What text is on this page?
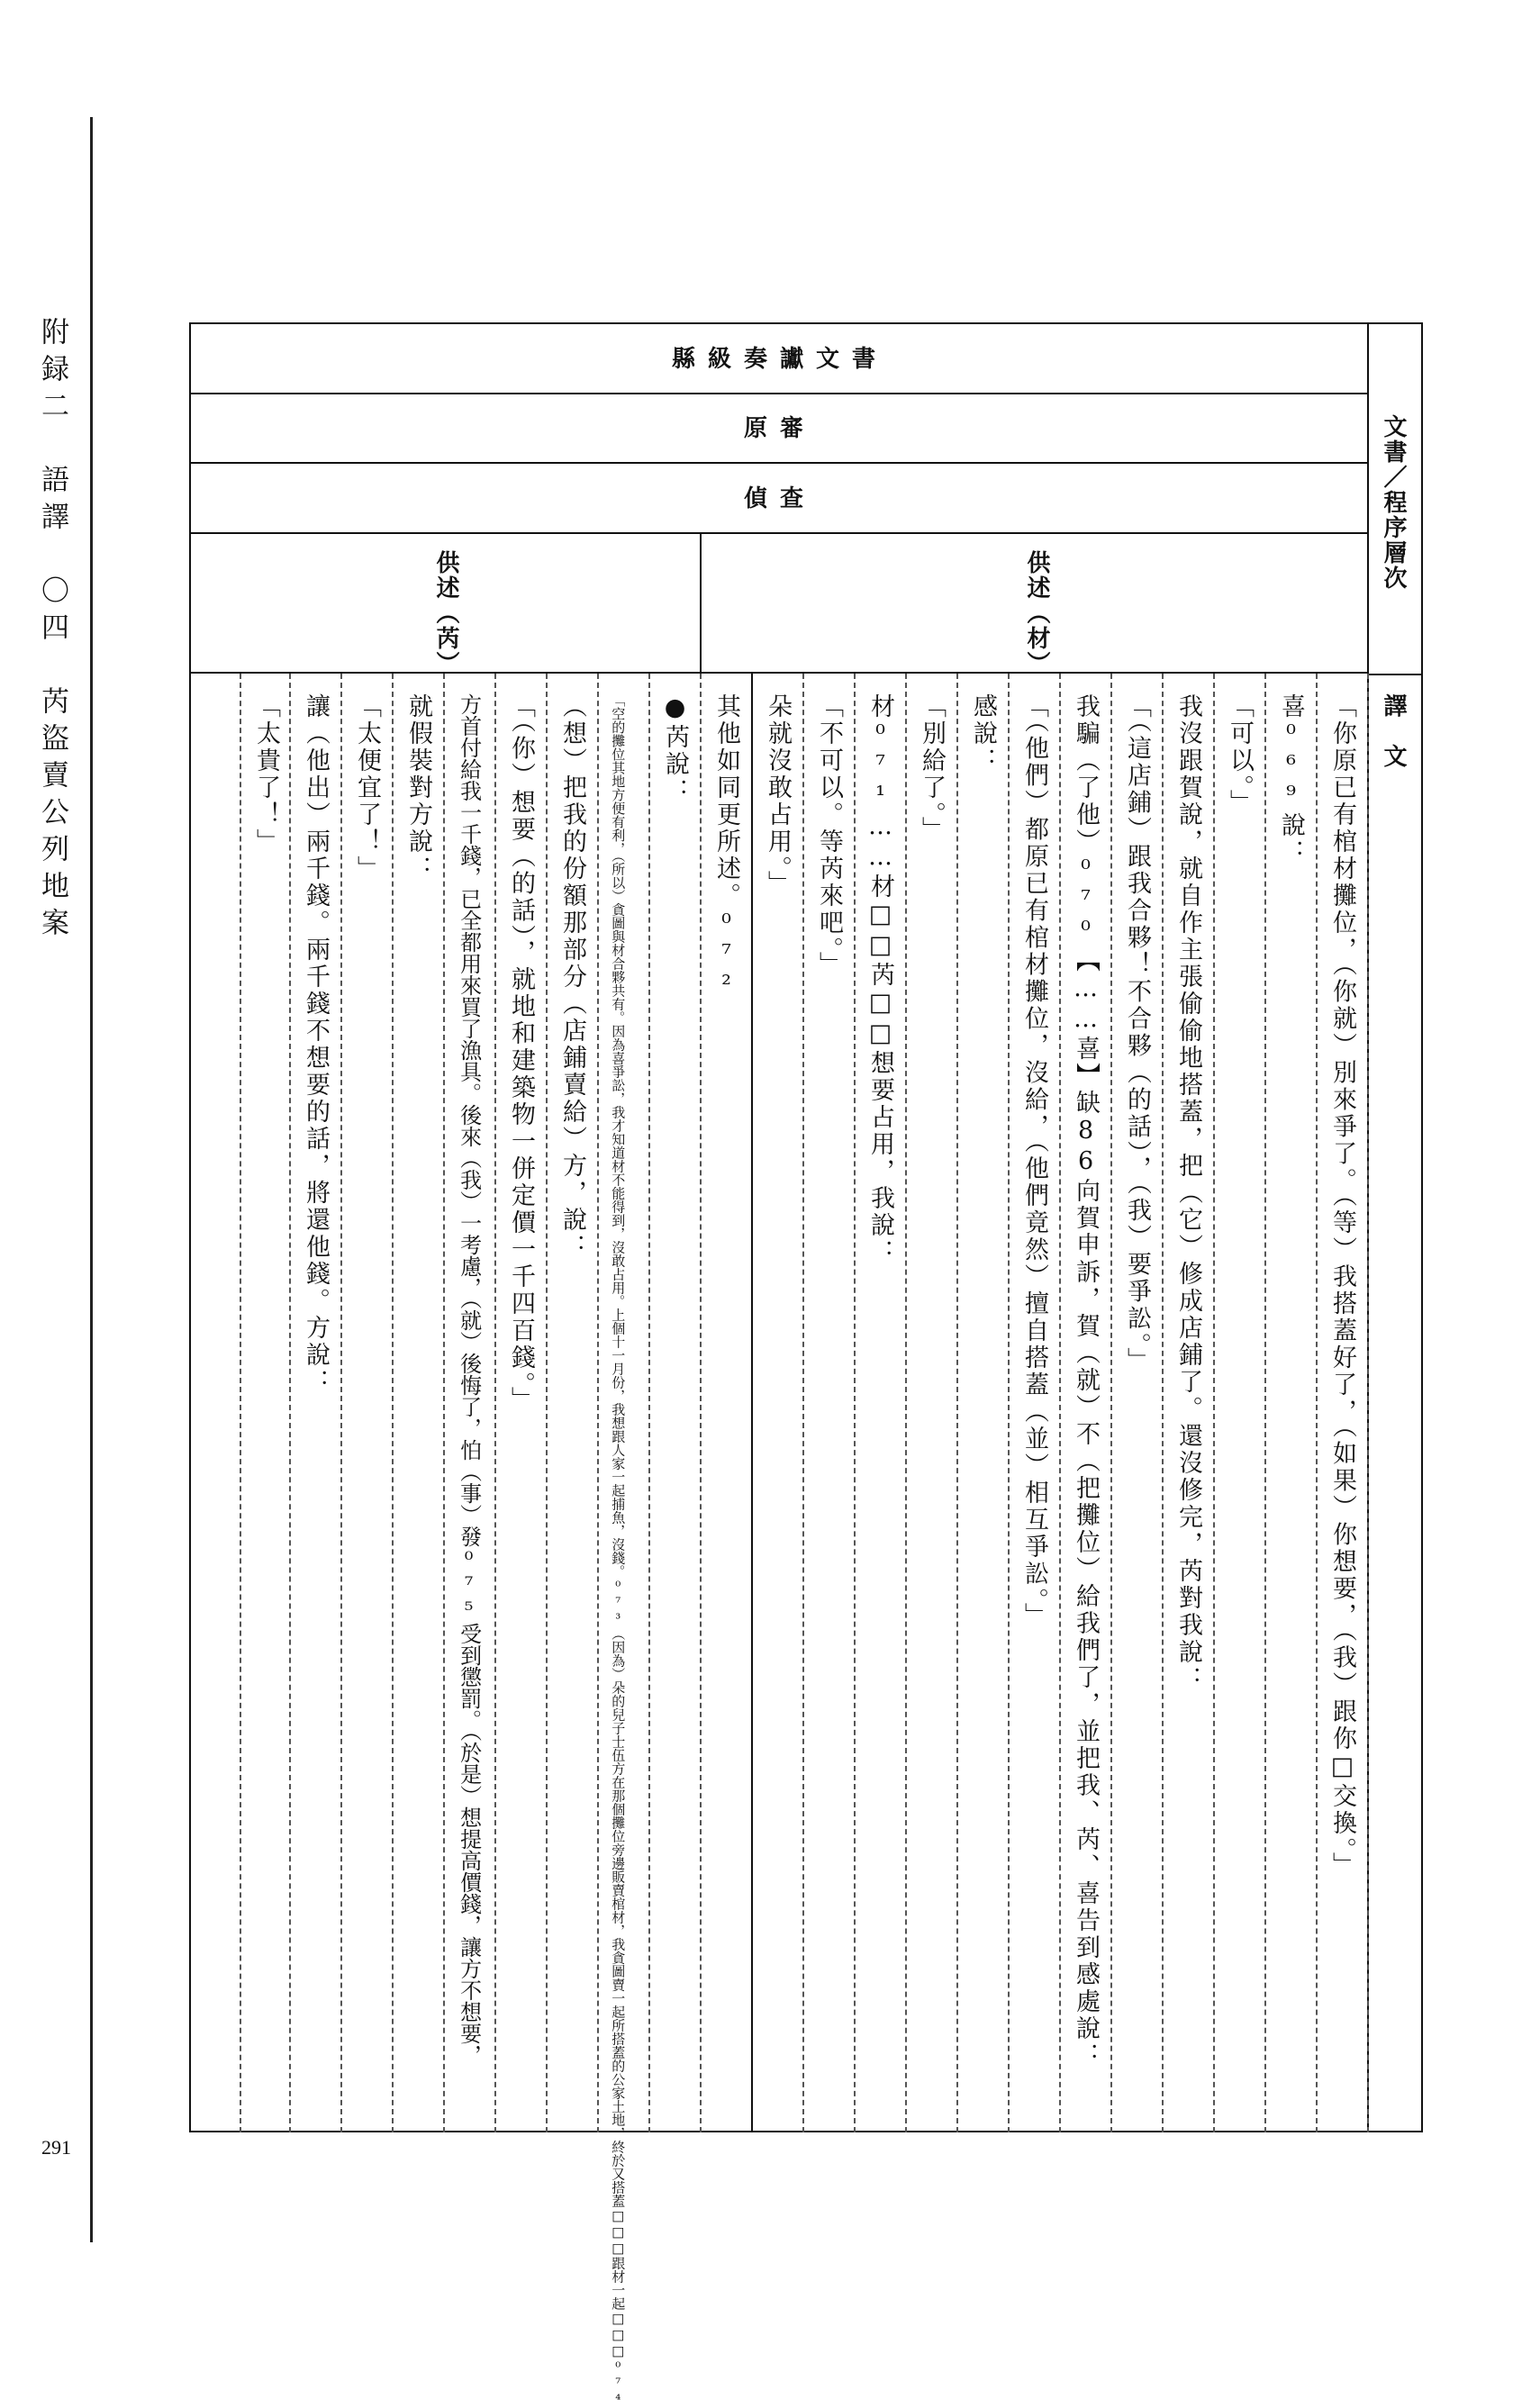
附録二　語譯　〇四　芮盜賣公列地案
291
文書／程序層次
譯　文
縣級奏讞文書
原審
偵查
供述（芮）	供述（材）
「你原已有棺材攤位，（你就）別來爭了。（等）我搭蓋好了，（如果）你想要，（我）跟你□交換。」
喜⁰⁶⁹說：
「可以。」
我沒跟賀說，就自作主張偷偷地搭蓋，把（它）修成店鋪了。還沒修完，芮對我說：
「（這店鋪）跟我合夥！不合夥（的話），（我）要爭訟。」
我騙（了他）⁰⁷⁰【……喜】缺86向賀申訴，賀（就）不（把攤位）給我們了，並把我、芮、喜告到感處說：
「（他們）都原已有棺材攤位，沒給，（他們竟然）擅自搭蓋（並）相互爭訟。」
感說：
「別給了。」
材⁰⁷¹……材□□芮□□想要占用，我說：
「不可以。等芮來吧。」
朵就沒敢占用。」
其他如同更所述。⁰⁷²
●芮說：
「空的攤位其地方便有利，（所以）貪圖與材合夥共有。因為喜爭訟，我才知道材不能得到，沒敢占用。上個十一月份，我想跟人家一起捕魚，沒錢。⁰⁷³（因為）朵的兒子士伍方在那個攤位旁邊販賣棺材，我貪圖賣一起所搭蓋的公家土地，終於又搭蓋□□□跟材一起□□□⁰⁷⁴
（想）把我的份額那部分（店鋪賣給）方，說：
「（你）想要（的話），就地和建築物一併定價一千四百錢。」
方首付給我一千錢，已全都用來買了漁具。後來（我）一考慮，（就）後悔了，怕（事）發⁰⁷⁵受到懲罰。（於是）想提高價錢，讓方不想要，
就假裝對方說：
「太便宜了！」
讓（他出）兩千錢。兩千錢不想要的話，將還他錢。方說：
「太貴了！」
